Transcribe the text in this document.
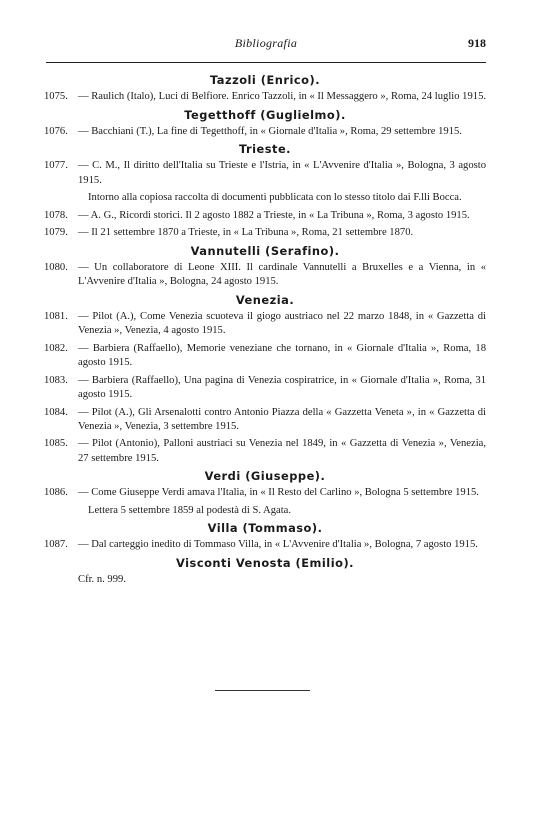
Bibliografia	918
Tazzoli (Enrico).
1075. — Raulich (Italo), Luci di Belfiore. Enrico Tazzoli, in « Il Messaggero », Roma, 24 luglio 1915.
Tegetthoff (Guglielmo).
1076. — Bacchiani (T.), La fine di Tegetthoff, in « Giornale d'Italia », Roma, 29 settembre 1915.
Trieste.
1077. — C. M., Il diritto dell'Italia su Trieste e l'Istria, in « L'Avvenire d'Italia », Bologna, 3 agosto 1915.
Intorno alla copiosa raccolta di documenti pubblicata con lo stesso titolo dai F.lli Bocca.
1078. — A. G., Ricordi storici. Il 2 agosto 1882 a Trieste, in « La Tribuna », Roma, 3 agosto 1915.
1079. — Il 21 settembre 1870 a Trieste, in « La Tribuna », Roma, 21 settembre 1870.
Vannutelli (Serafino).
1080. — Un collaboratore di Leone XIII. Il cardinale Vannutelli a Bruxelles e a Vienna, in « L'Avvenire d'Italia », Bologna, 24 agosto 1915.
Venezia.
1081. — Pilot (A.), Come Venezia scuoteva il giogo austriaco nel 22 marzo 1848, in « Gazzetta di Venezia », Venezia, 4 agosto 1915.
1082. — Barbiera (Raffaello), Memorie veneziane che tornano, in « Giornale d'Italia », Roma, 18 agosto 1915.
1083. — Barbiera (Raffaello), Una pagina di Venezia cospiratrice, in « Giornale d'Italia », Roma, 31 agosto 1915.
1084. — Pilot (A.), Gli Arsenalotti contro Antonio Piazza della « Gazzetta Veneta », in « Gazzetta di Venezia », Venezia, 3 settembre 1915.
1085. — Pilot (Antonio), Palloni austriaci su Venezia nel 1849, in « Gazzetta di Venezia », Venezia, 27 settembre 1915.
Verdi (Giuseppe).
1086. — Come Giuseppe Verdi amava l'Italia, in « Il Resto del Carlino », Bologna 5 settembre 1915.
Lettera 5 settembre 1859 al podestà di S. Agata.
Villa (Tommaso).
1087. — Dal carteggio inedito di Tommaso Villa, in « L'Avvenire d'Italia », Bologna, 7 agosto 1915.
Visconti Venosta (Emilio).
Cfr. n. 999.
